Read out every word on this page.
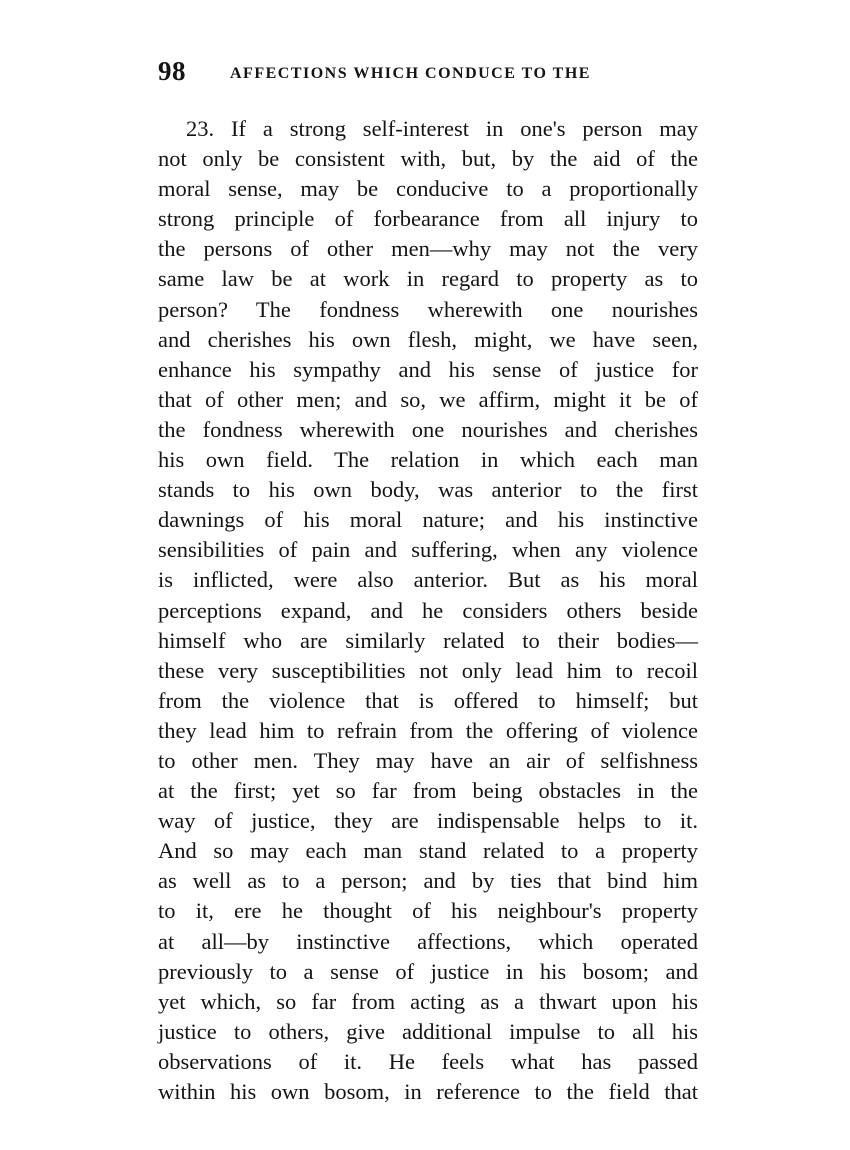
98	AFFECTIONS WHICH CONDUCE TO THE
23. If a strong self-interest in one's person may
not only be consistent with, but, by the aid of the
moral sense, may be conducive to a proportionally
strong principle of forbearance from all injury to
the persons of other men—why may not the very
same law be at work in regard to property as to
person? The fondness wherewith one nourishes
and cherishes his own flesh, might, we have seen,
enhance his sympathy and his sense of justice for
that of other men; and so, we affirm, might it be of
the fondness wherewith one nourishes and cherishes
his own field. The relation in which each man
stands to his own body, was anterior to the first
dawnings of his moral nature; and his instinctive
sensibilities of pain and suffering, when any violence
is inflicted, were also anterior. But as his moral
perceptions expand, and he considers others beside
himself who are similarly related to their bodies—
these very susceptibilities not only lead him to recoil
from the violence that is offered to himself; but
they lead him to refrain from the offering of violence
to other men. They may have an air of selfishness
at the first; yet so far from being obstacles in the
way of justice, they are indispensable helps to it.
And so may each man stand related to a property
as well as to a person; and by ties that bind him
to it, ere he thought of his neighbour's property
at all—by instinctive affections, which operated
previously to a sense of justice in his bosom; and
yet which, so far from acting as a thwart upon his
justice to others, give additional impulse to all his
observations of it. He feels what has passed
within his own bosom, in reference to the field that
